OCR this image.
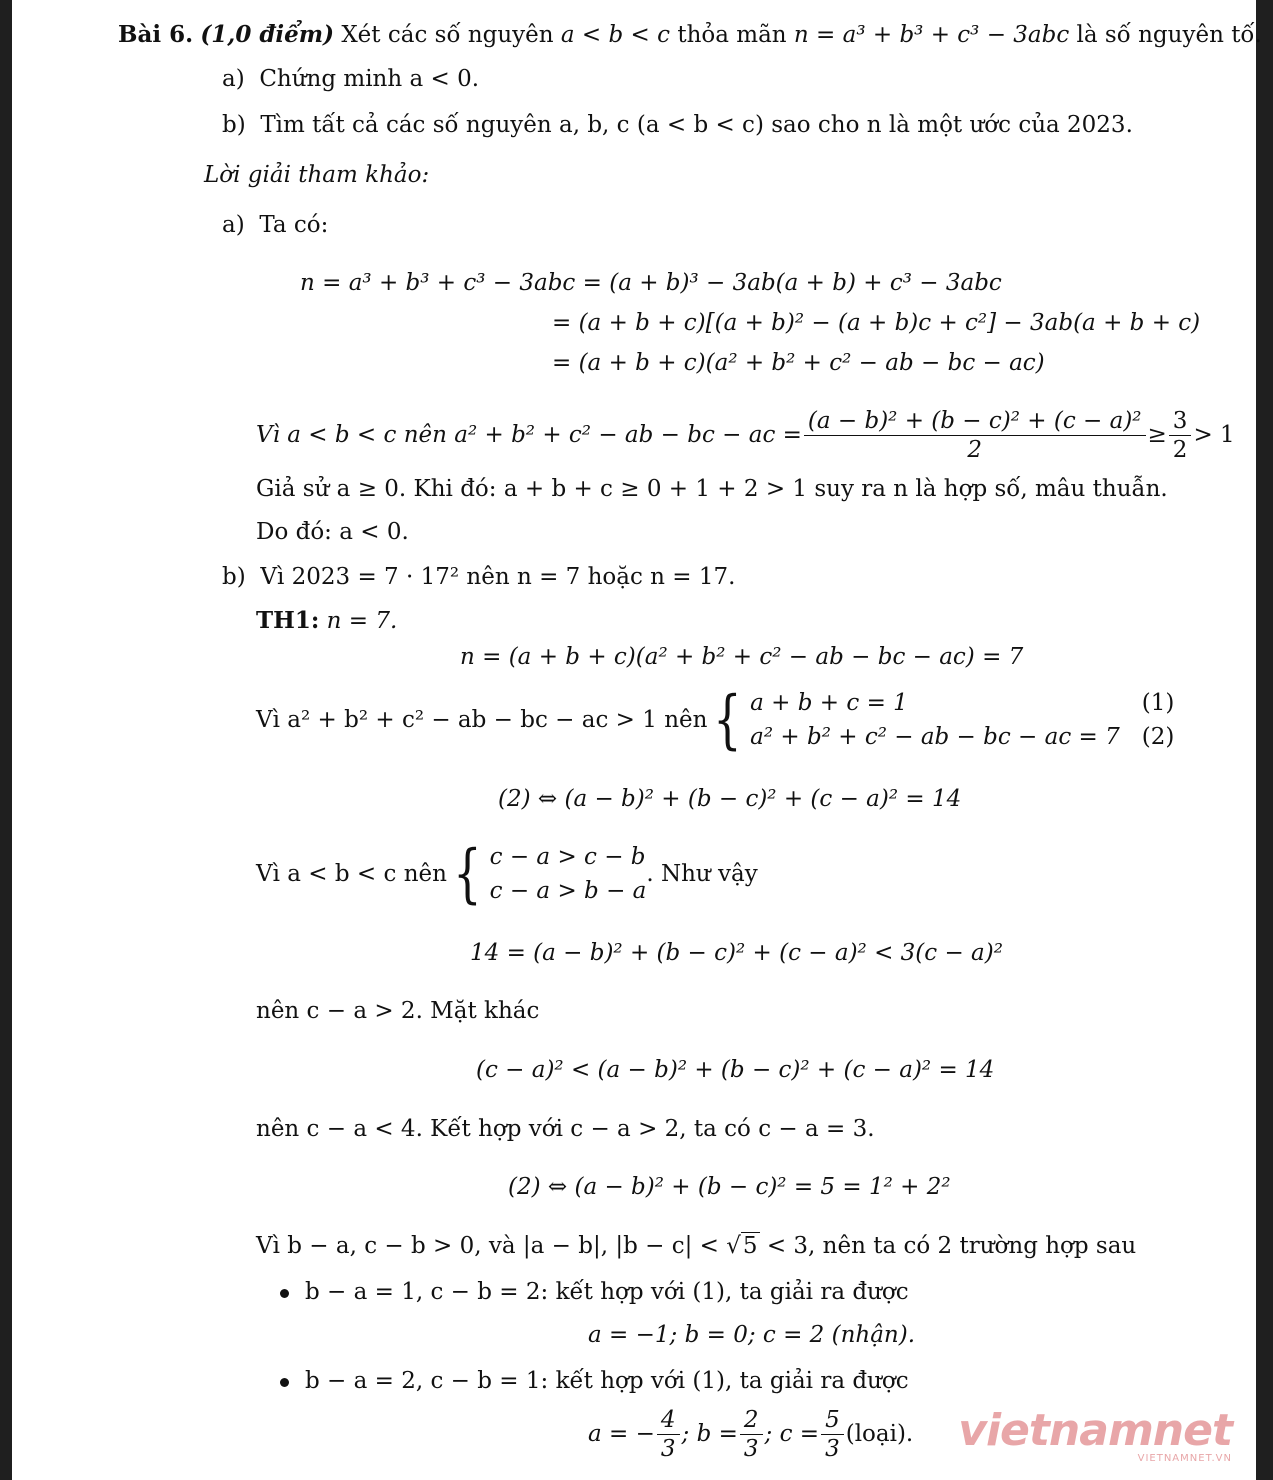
Bài 6. (1,0 điểm) Xét các số nguyên a < b < c thỏa mãn n = a³ + b³ + c³ − 3abc là số nguyên tố.
a) Chứng minh a < 0.
b) Tìm tất cả các số nguyên a, b, c (a < b < c) sao cho n là một ước của 2023.
Lời giải tham khảo:
a) Ta có:
n = a³ + b³ + c³ − 3abc = (a + b)³ − 3ab(a + b) + c³ − 3abc
= (a + b + c)[(a + b)² − (a + b)c + c²] − 3ab(a + b + c)
= (a + b + c)(a² + b² + c² − ab − bc − ac)
Vì a < b < c nên a² + b² + c² − ab − bc − ac = $\frac{\text{(a − b)² + (b − c)² + (c − a)²}}{2} \ge \frac{3}{2} > 1$
Giả sử a ≥ 0. Khi đó: a + b + c ≥ 0 + 1 + 2 > 1 suy ra n là hợp số, mâu thuẫn.
Do đó: a < 0.
b) Vì 2023 = 7 · 17² nên n = 7 hoặc n = 17.
TH1: n = 7.
n = (a + b + c)(a² + b² + c² − ab − bc − ac) = 7
Vì a² + b² + c² − ab − bc − ac > 1 nên { a + b + c = 1
a² + b² + c² − ab − bc − ac = 7
(1)
(2)
(2) ⇔ (a − b)² + (b − c)² + (c − a)² = 14
Vì a < b < c nên { c − a > c − b
c − a > b − a
. Như vậy
14 = (a − b)² + (b − c)² + (c − a)² < 3(c − a)²
nên c − a > 2. Mặt khác
(c − a)² < (a − b)² + (b − c)² + (c − a)² = 14
nên c − a < 4. Kết hợp với c − a > 2, ta có c − a = 3.
(2) ⇔ (a − b)² + (b − c)² = 5 = 1² + 2²
Vì b − a, c − b > 0, và |a − b|, |b − c| < √5 < 3, nên ta có 2 trường hợp sau
b − a = 1, c − b = 2: kết hợp với (1), ta giải ra được
a = −1; b = 0; c = 2 (nhận).
b − a = 2, c − b = 1: kết hợp với (1), ta giải ra được
a = − $\frac{4}{3}$ ; $b = \frac{2}{3}$ ; $c = \frac{5}{3}$ (loại). vietnamnet
VIETNAMNET.VN
